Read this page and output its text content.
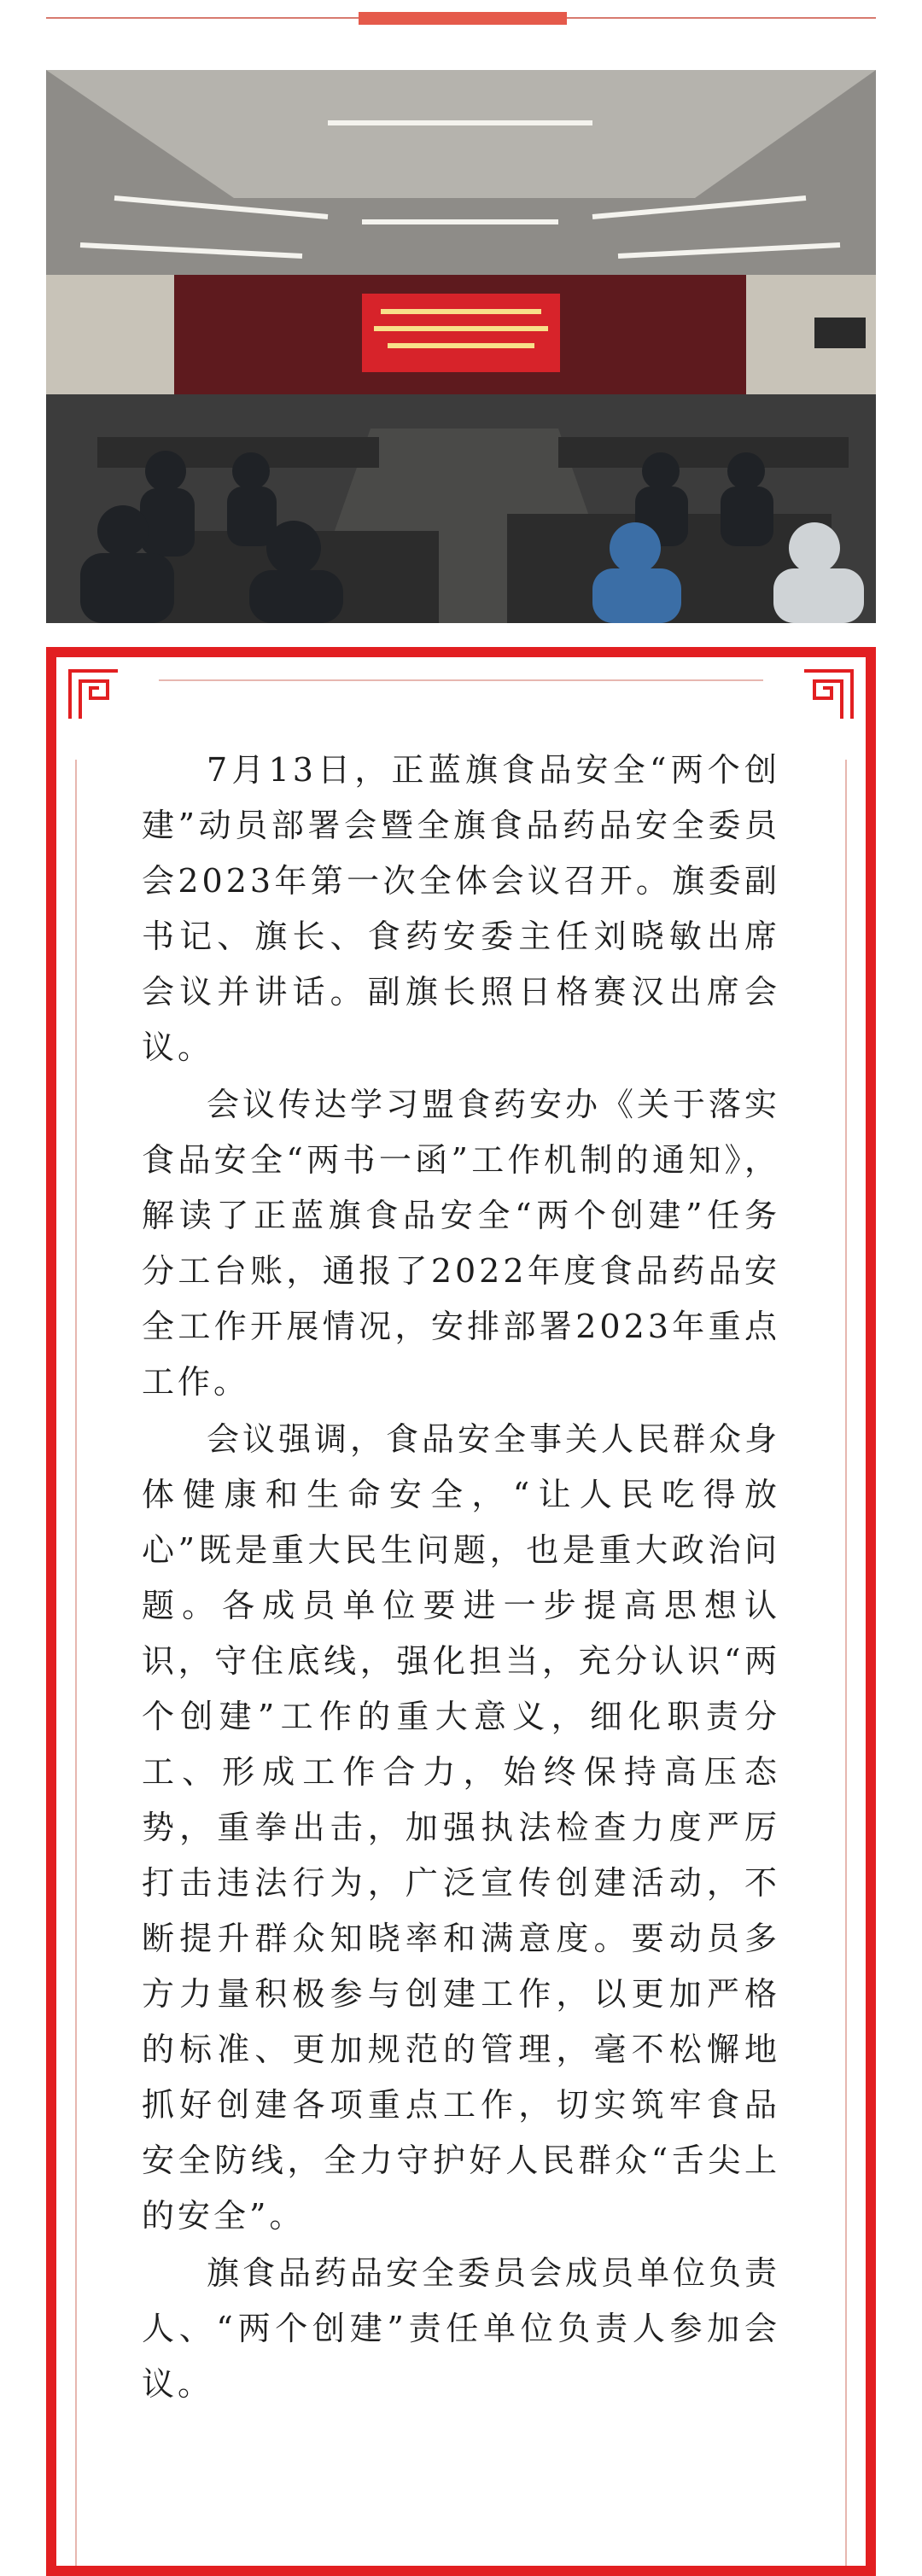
7月13日，正蓝旗食品安全“两个创建”动员部署会暨全旗食品药品安全委员会2023年第一次全体会议召开。旗委副书记、旗长、食药安委主任刘晓敏出席会议并讲话。副旗长照日格赛汉出席会议。

会议传达学习盟食药安办《关于落实食品安全“两书一函”工作机制的通知》，解读了正蓝旗食品安全“两个创建”任务分工台账，通报了2022年度食品药品安全工作开展情况，安排部署2023年重点工作。

会议强调，食品安全事关人民群众身体健康和生命安全，“让人民吃得放心”既是重大民生问题，也是重大政治问题。各成员单位要进一步提高思想认识，守住底线，强化担当，充分认识“两个创建”工作的重大意义，细化职责分工、形成工作合力，始终保持高压态势，重拳出击，加强执法检查力度严厉打击违法行为，广泛宣传创建活动，不断提升群众知晓率和满意度。要动员多方力量积极参与创建工作，以更加严格的标准、更加规范的管理，毫不松懈地抓好创建各项重点工作，切实筑牢食品安全防线，全力守护好人民群众“舌尖上的安全”。

旗食品药品安全委员会成员单位负责人、“两个创建”责任单位负责人参加会议。
